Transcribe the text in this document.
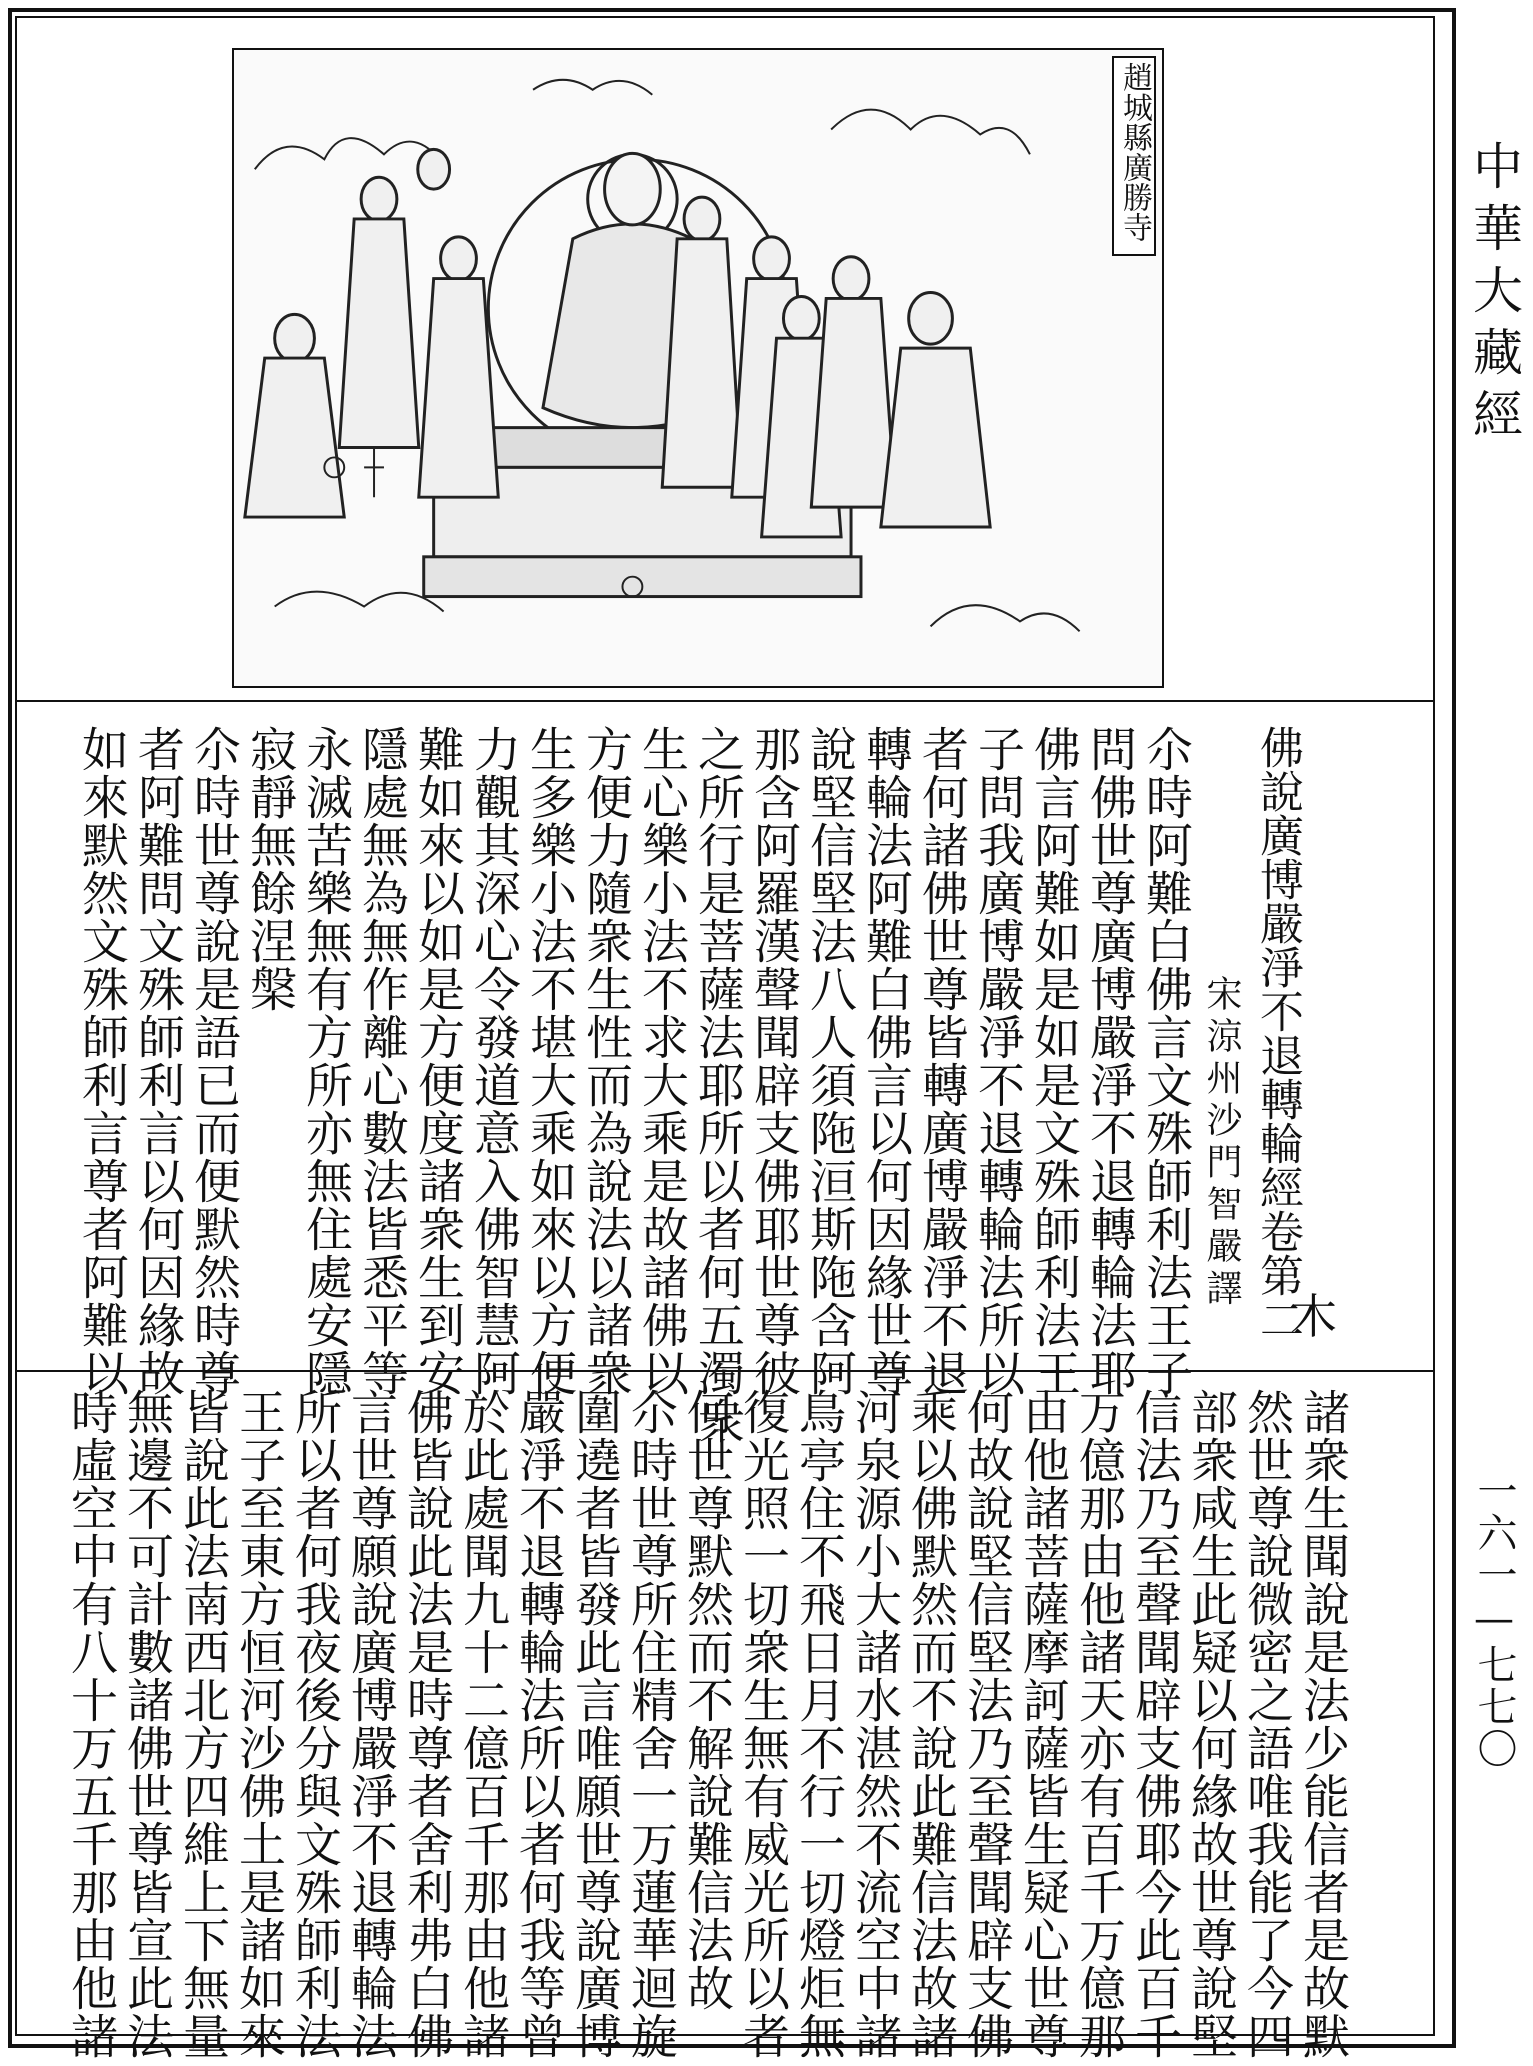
趙城縣廣勝寺	中華大藏經
一六一—七七〇
佛說廣博嚴淨不退轉輪經卷第二
宋涼州沙門智嚴譯
尒時阿難白佛言文殊師利法王子
問佛世尊廣博嚴淨不退轉輪法耶
佛言阿難如是如是文殊師利法王
子問我廣博嚴淨不退轉輪法所以
者何諸佛世尊皆轉廣博嚴淨不退
轉輪法阿難白佛言以何因緣世尊
說堅信堅法八人須陁洹斯陁含阿
那含阿羅漢聲聞辟支佛耶世尊彼
之所行是菩薩法耶所以者何五濁衆
生心樂小法不求大乘是故諸佛以
方便力隨衆生性而為說法以諸衆
生多樂小法不堪大乘如來以方便
力觀其深心令發道意入佛智慧阿
難如來以如是方便度諸衆生到安
隱處無為無作離心數法皆悉平等
永滅苦樂無有方所亦無住處安隱
寂靜無餘涅槃
尒時世尊說是語已而便默然時尊
者阿難問文殊師利言以何因緣故
如來默然文殊師利言尊者阿難以	木
諸衆生聞說是法少能信者是故默
然世尊說微密之語唯我能了今四
部衆咸生此疑以何緣故世尊說堅
信法乃至聲聞辟支佛耶今此百千
万億那由他諸天亦有百千万億那
由他諸菩薩摩訶薩皆生疑心世尊
何故說堅信堅法乃至聲聞辟支佛
乘以佛默然而不說此難信法故諸
河泉源小大諸水湛然不流空中諸
鳥亭住不飛日月不行一切燈炬無
復光照一切衆生無有威光所以者
何世尊默然而不解說難信法故
尒時世尊所住精舍一万蓮華迴旋
圍遶者皆發此言唯願世尊說廣博
嚴淨不退轉輪法所以者何我等曾
於此處聞九十二億百千那由他諸
佛皆說此法是時尊者舍利弗白佛
言世尊願說廣博嚴淨不退轉輪法
所以者何我夜後分與文殊師利法
王子至東方恒河沙佛土是諸如來
皆說此法南西北方四維上下無量
無邊不可計數諸佛世尊皆宣此法
時虛空中有八十万五千那由他諸
